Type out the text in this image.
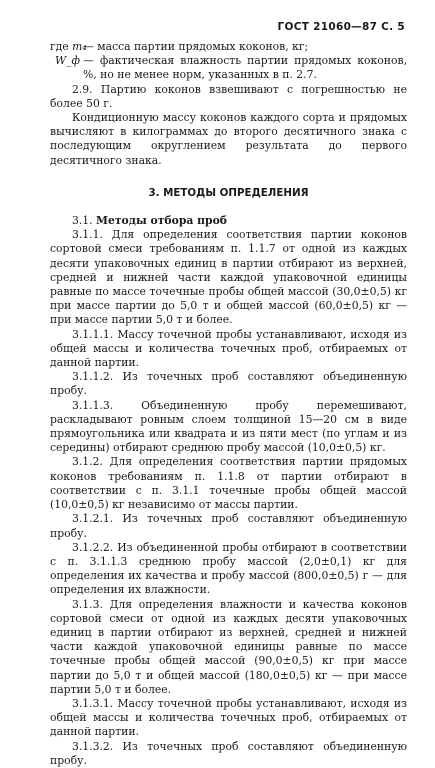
ГОСТ 21060—87 С. 5
где m₄
— масса партии прядомых коконов, кг;
W_ф — фактическая влажность партии прядомых коконов, %, но не менее норм, указанных в п. 2.7.

2.9. Партию коконов взвешивают с погрешностью не более 50 г.

Кондиционную массу коконов каждого сорта и прядомых вычисляют в килограммах до второго десятичного знака с последующим округлением результата до первого десятичного знака.

3. МЕТОДЫ ОПРЕДЕЛЕНИЯ

3.1. Методы отбора проб

3.1.1. Для определения соответствия партии коконов сортовой смеси требованиям п. 1.1.7 от одной из каждых десяти упаковочных единиц в партии отбирают из верхней, средней и нижней части каждой упаковочной единицы равные по массе точечные пробы общей массой (30,0±0,5) кг при массе партии до 5,0 т и общей массой (60,0±0,5) кг — при массе партии 5,0 т и более.

3.1.1.1. Массу точечной пробы устанавливают, исходя из общей массы и количества точечных проб, отбираемых от данной партии.

3.1.1.2. Из точечных проб составляют объединенную пробу.

3.1.1.3. Объединенную пробу перемешивают, раскладывают ровным слоем толщиной 15—20 см в виде прямоугольника или квадрата и из пяти мест (по углам и из середины) отбирают среднюю пробу массой (10,0±0,5) кг.

3.1.2. Для определения соответствия партии прядомых коконов требованиям п. 1.1.8 от партии отбирают в соответствии с п. 3.1.1 точечные пробы общей массой (10,0±0,5) кг независимо от массы партии.

3.1.2.1. Из точечных проб составляют объединенную пробу.

3.1.2.2. Из объединенной пробы отбирают в соответствии с п. 3.1.1.3 среднюю пробу массой (2,0±0,1) кг для определения их качества и пробу массой (800,0±0,5) г — для определения их влажности.

3.1.3. Для определения влажности и качества коконов сортовой смеси от одной из каждых десяти упаковочных единиц в партии отбирают из верхней, средней и нижней части каждой упаковочной единицы равные по массе точечные пробы общей массой (90,0±0,5) кг при массе партии до 5,0 т и общей массой (180,0±0,5) кг — при массе партии 5,0 т и более.

3.1.3.1. Массу точечной пробы устанавливают, исходя из общей массы и количества точечных проб, отбираемых от данной партии.

3.1.3.2. Из точечных проб составляют объединенную пробу.
